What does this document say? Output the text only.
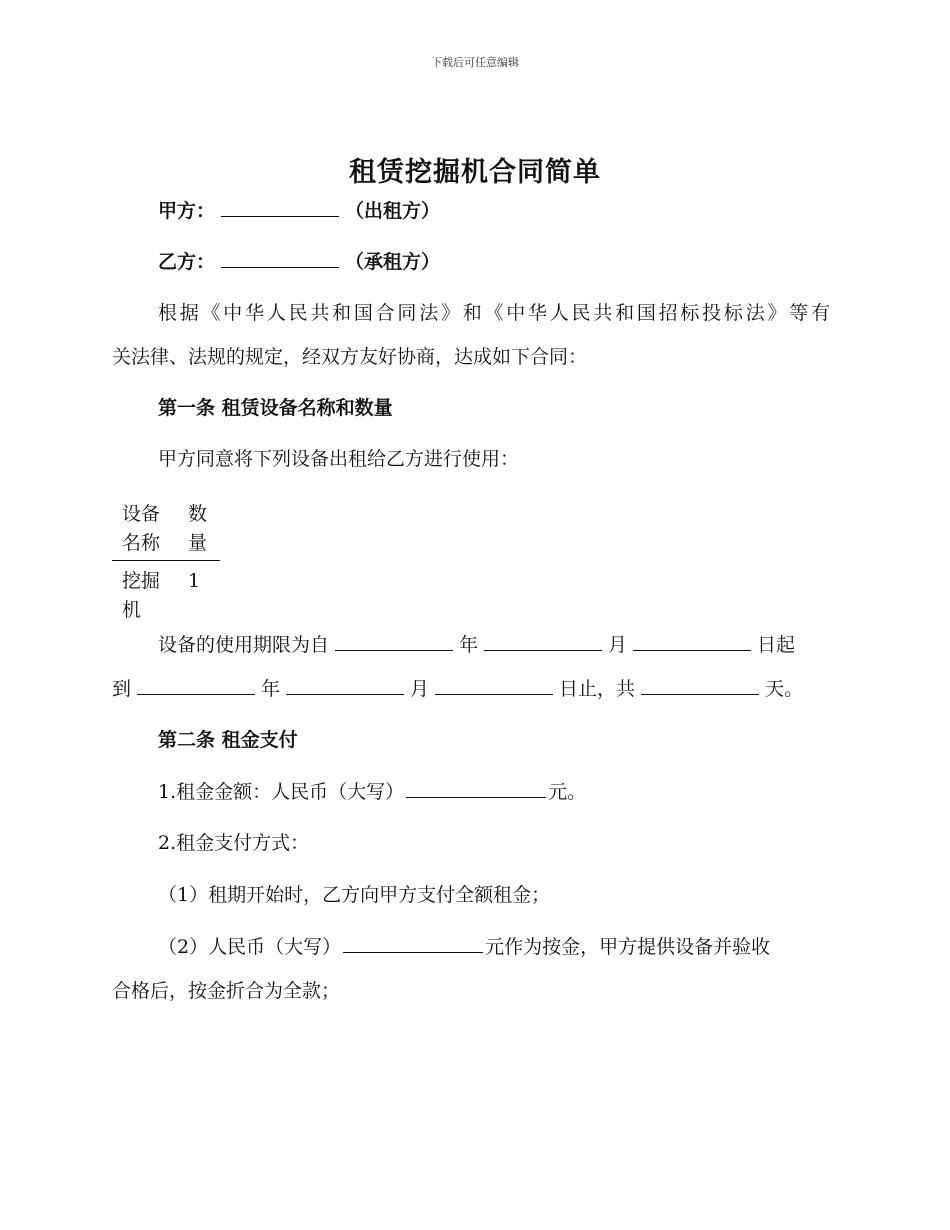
下载后可任意编辑
租赁挖掘机合同简单
甲方：	（出租方）
乙方：	（承租方）
根据《中华人民共和国合同法》和《中华人民共和国招标投标法》等有
关法律、法规的规定，经双方友好协商，达成如下合同：
第一条 租赁设备名称和数量
甲方同意将下列设备出租给乙方进行使用：
设备名称	数量
挖掘机	1
设备的使用期限为自	年	月	日起
到	年	月	日止，共	天。
第二条 租金支付
1.租金金额：人民币（大写）	元。
2.租金支付方式：
（1）租期开始时，乙方向甲方支付全额租金；
（2）人民币（大写）	元作为按金，甲方提供设备并验收
合格后，按金折合为全款；
